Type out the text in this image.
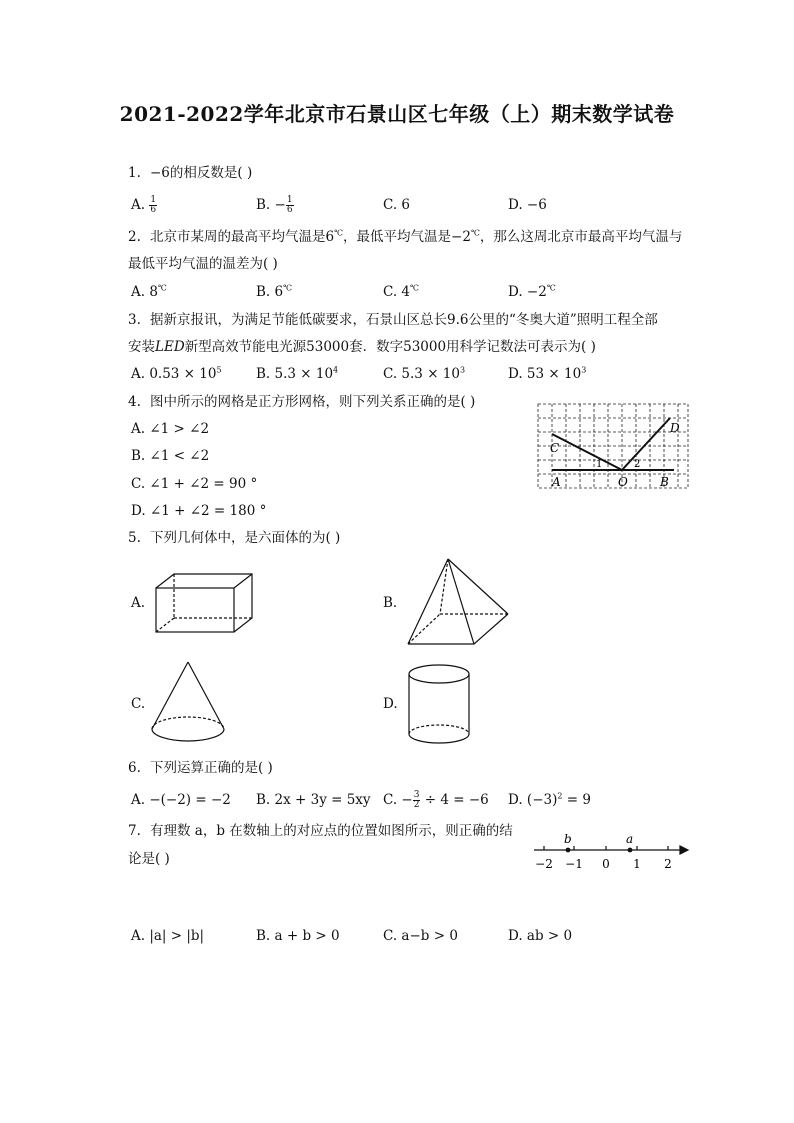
2021-2022学年北京市石景山区七年级（上）期末数学试卷
1. −6的相反数是( )
A. $\frac{1}{6}$	B. − $\frac{1}{6}$	C. 6	D. −6
2. 北京市某周的最高平均气温是6℃，最低平均气温是−2℃，那么这周北京市最高平均气温与
最低平均气温的温差为( )
A. 8℃	B. 6℃	C. 4℃	D. −2℃
3. 据新京报讯，为满足节能低碳要求，石景山区总长9.6公里的“冬奥大道”照明工程全部
安装LED新型高效节能电光源53000套．数字53000用科学记数法可表示为( )
A. $0.53 \times 10^5$	B. $5.3 \times 10^4$	C. $5.3 \times 10^3$	D. $53 \times 10^3$
4. 图中所示的网格是正方形网格，则下列关系正确的是( )
A. ∠1 > ∠2
B. ∠1 < ∠2
C. ∠1 + ∠2 = 90 °
D. ∠1 + ∠2 = 180 °
C
D
A	O	B
1	2
5. 下列几何体中，是六面体的为( )
A.	B.
C.	D.
6. 下列运算正确的是( )
A. −(−2) = −2 B. 2x + 3y = 5xy C. − $\frac{3}{2} \div 4 = -6$ D. $(-3)^2 = 9$
7. 有理数 a，b 在数轴上的对应点的位置如图所示，则正确的结
论是( )
b	a
−2 −1 0 1 2
A. |a| > |b|	B. a + b > 0	C. a−b > 0	D. ab > 0
